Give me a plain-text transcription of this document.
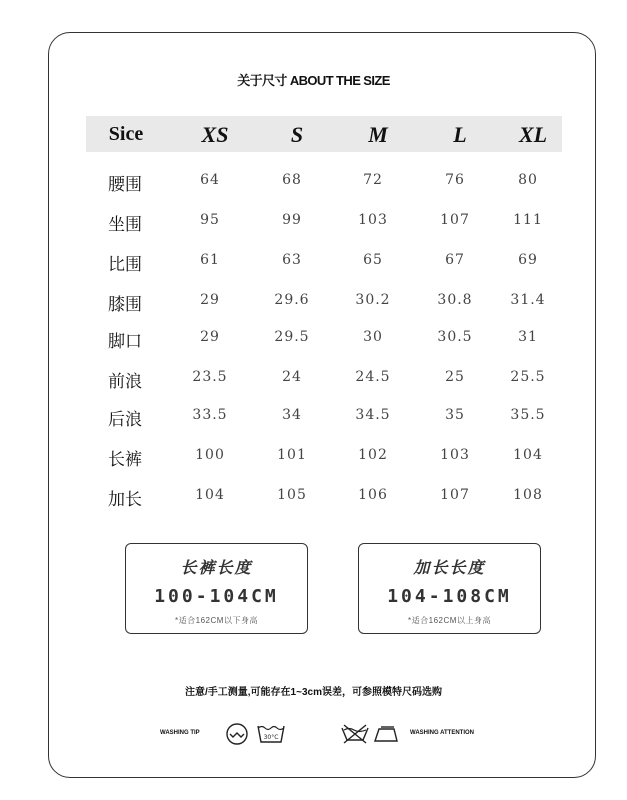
关于尺寸 ABOUT THE SIZE
Sice	XS	S	M	L	XL
腰围	64	68	72	76	80
坐围	95	99	103	107	111
比围	61	63	65	67	69
膝围	29	29.6	30.2	30.8	31.4
脚口	29	29.5	30	30.5	31
前浪	23.5	24	24.5	25	25.5
后浪	33.5	34	34.5	35	35.5
长裤	100	101	102	103	104
加长	104	105	106	107	108
长裤长度
100-104CM
*适合162CM以下身高
加长长度
104-108CM
*适合162CM以上身高
注意/手工测量,可能存在1~3cm误差，可参照模特尺码选购
WASHING TIP
30°C
WASHING ATTENTION
